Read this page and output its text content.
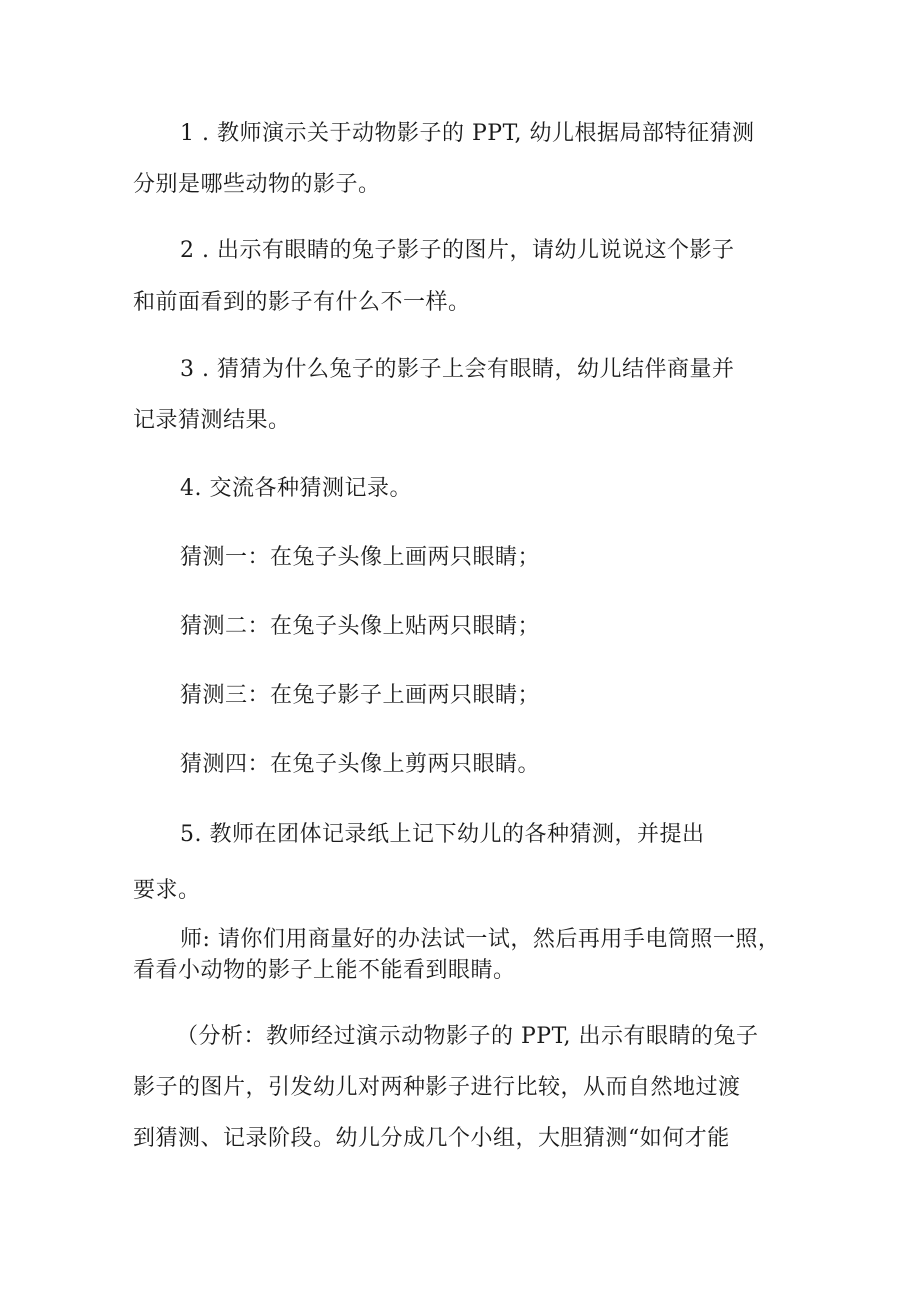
1 . 教师演示关于动物影子的 PPT, 幼儿根据局部特征猜测
分别是哪些动物的影子。
2 . 出示有眼睛的兔子影子的图片，请幼儿说说这个影子
和前面看到的影子有什么不一样。
3 . 猜猜为什么兔子的影子上会有眼睛，幼儿结伴商量并
记录猜测结果。
4. 交流各种猜测记录。
猜测一：在兔子头像上画两只眼睛；
猜测二：在兔子头像上贴两只眼睛；
猜测三：在兔子影子上画两只眼睛；
猜测四：在兔子头像上剪两只眼睛。
5. 教师在团体记录纸上记下幼儿的各种猜测，并提出
要求。
师: 请你们用商量好的办法试一试，然后再用手电筒照一照，
看看小动物的影子上能不能看到眼睛。
（分析：教师经过演示动物影子的 PPT, 出示有眼睛的兔子
影子的图片，引发幼儿对两种影子进行比较，从而自然地过渡
到猜测、记录阶段。幼儿分成几个小组，大胆猜测“如何才能
